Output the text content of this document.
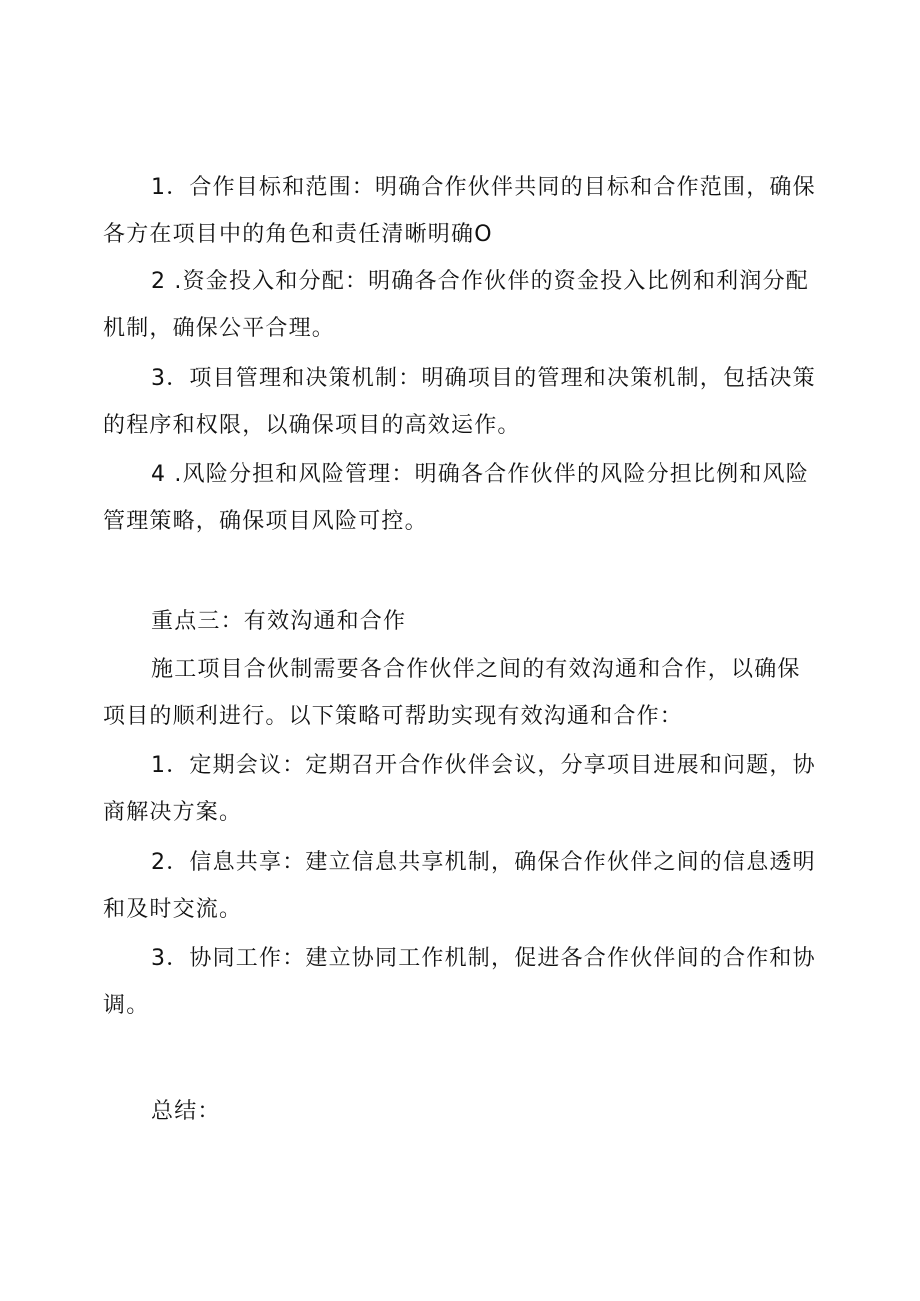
1．合作目标和范围：明确合作伙伴共同的目标和合作范围，确保各方在项目中的角色和责任清晰明确O

2 .资金投入和分配：明确各合作伙伴的资金投入比例和利润分配机制，确保公平合理。

3．项目管理和决策机制：明确项目的管理和决策机制，包括决策的程序和权限，以确保项目的高效运作。

4 .风险分担和风险管理：明确各合作伙伴的风险分担比例和风险管理策略，确保项目风险可控。

重点三：有效沟通和合作

施工项目合伙制需要各合作伙伴之间的有效沟通和合作，以确保项目的顺利进行。以下策略可帮助实现有效沟通和合作：

1．定期会议：定期召开合作伙伴会议，分享项目进展和问题，协商解决方案。

2．信息共享：建立信息共享机制，确保合作伙伴之间的信息透明和及时交流。

3．协同工作：建立协同工作机制，促进各合作伙伴间的合作和协调。

总结：
